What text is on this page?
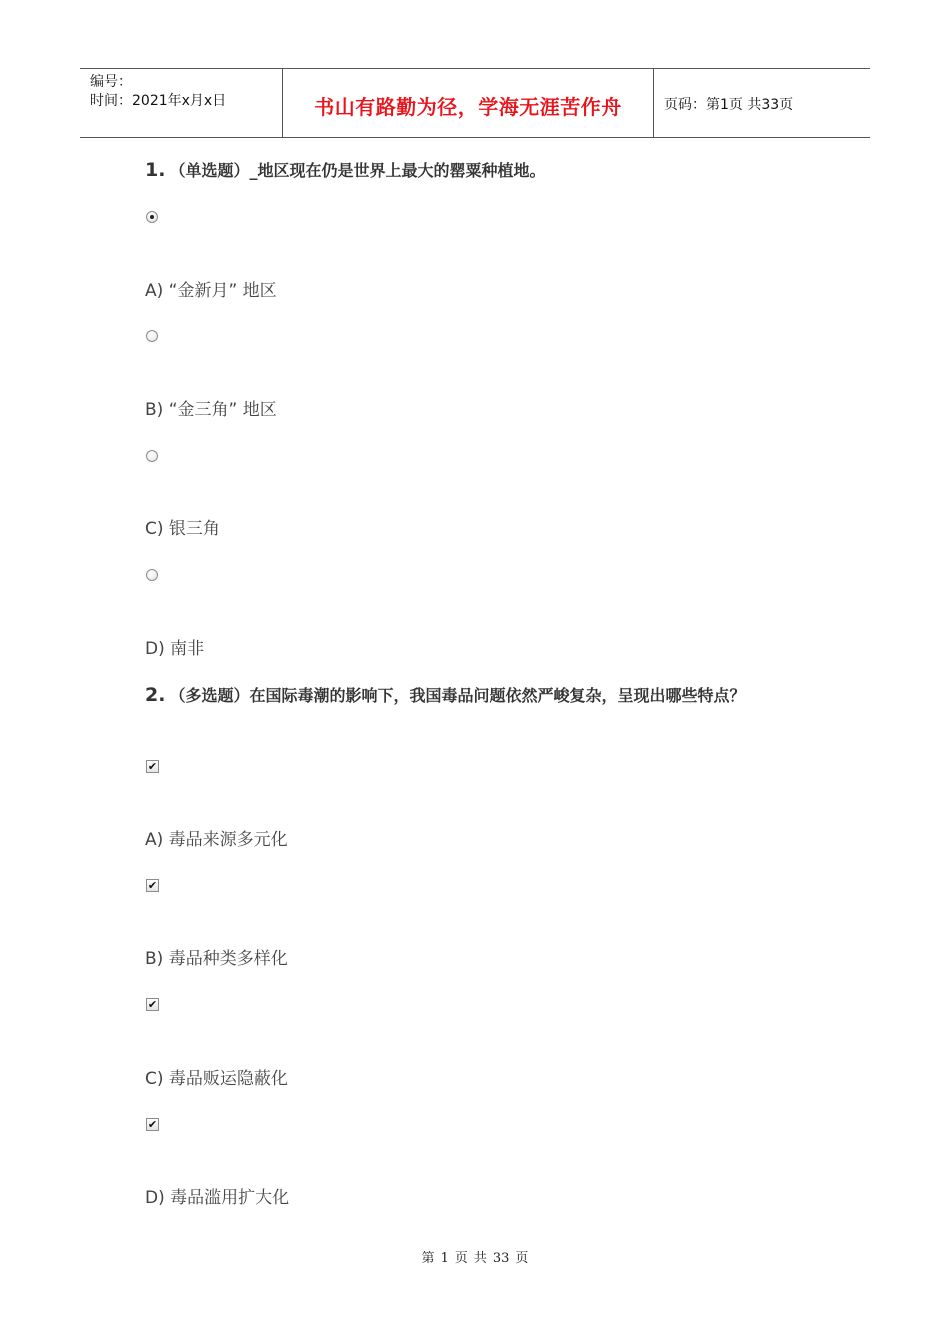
编号：
时间：2021年x月x日	书山有路勤为径，学海无涯苦作舟	页码：第1页 共33页
1. （单选题）_地区现在仍是世界上最大的罂粟种植地。
A) “金新月” 地区
B) “金三角” 地区
C) 银三角
D) 南非
2. （多选题）在国际毒潮的影响下，我国毒品问题依然严峻复杂，呈现出哪些特点？
✔
A) 毒品来源多元化
✔
B) 毒品种类多样化
✔
C) 毒品贩运隐蔽化
✔
D) 毒品滥用扩大化
第 1 页 共 33 页
